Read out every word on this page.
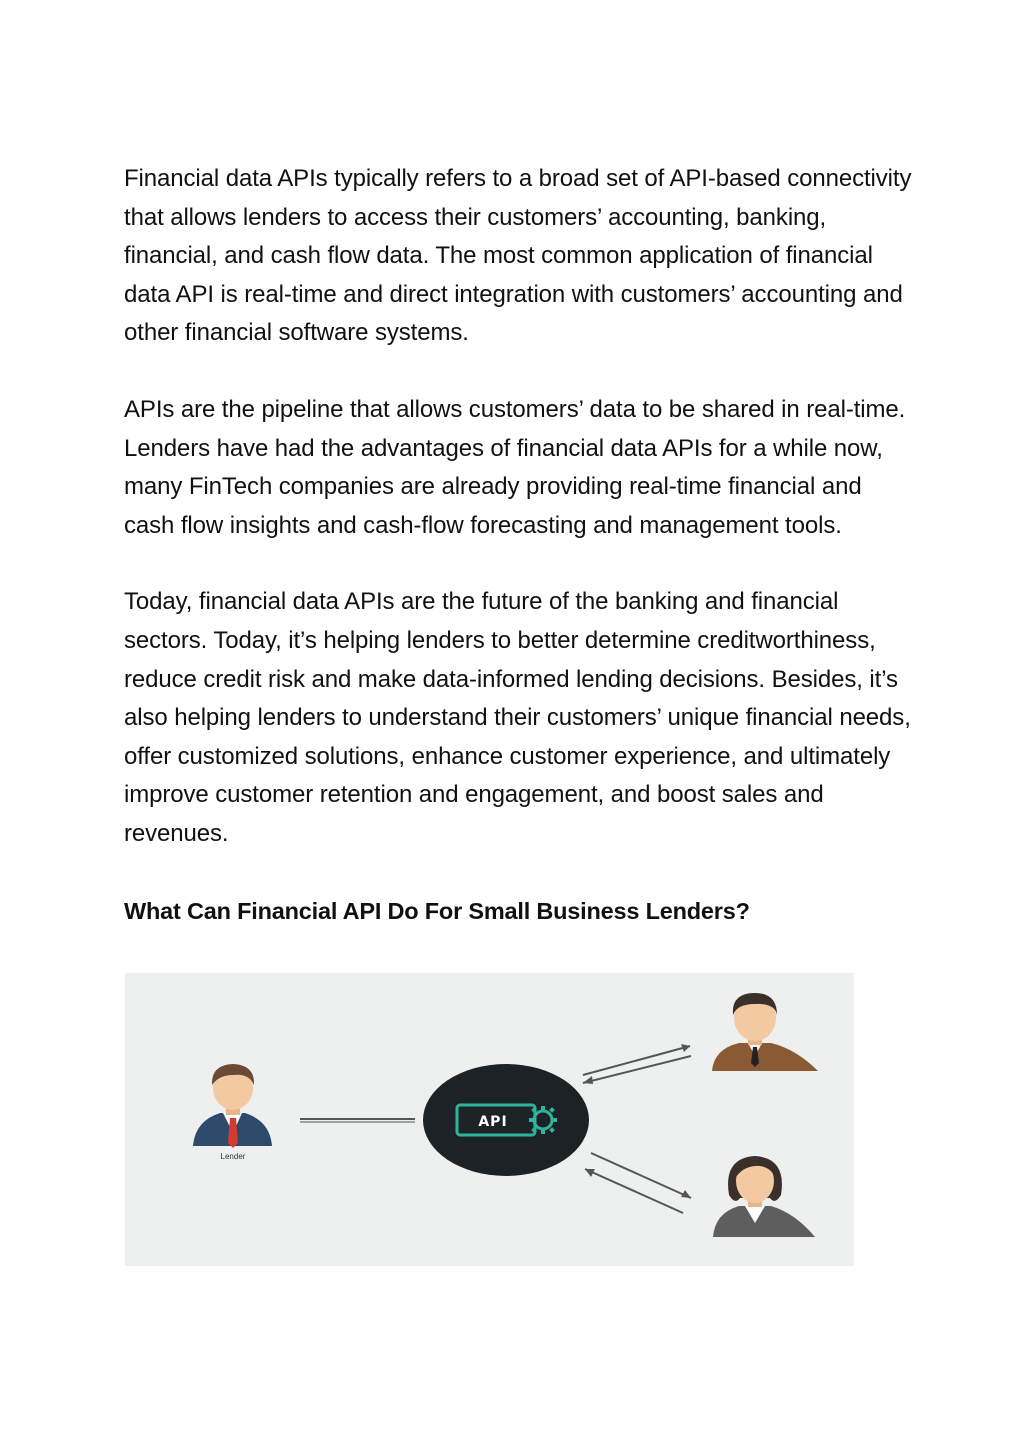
Financial data APIs typically refers to a broad set of API-based connectivity that allows lenders to access their customers’ accounting, banking, financial, and cash flow data. The most common application of financial data API is real-time and direct integration with customers’ accounting and other financial software systems.

APIs are the pipeline that allows customers’ data to be shared in real-time. Lenders have had the advantages of financial data APIs for a while now, many FinTech companies are already providing real-time financial and cash flow insights and cash-flow forecasting and management tools.

Today, financial data APIs are the future of the banking and financial sectors. Today, it’s helping lenders to better determine creditworthiness, reduce credit risk and make data-informed lending decisions. Besides, it’s also helping lenders to understand their customers’ unique financial needs, offer customized solutions, enhance customer experience, and ultimately improve customer retention and engagement, and boost sales and revenues.

What Can Financial API Do For Small Business Lenders?
Lender
API
